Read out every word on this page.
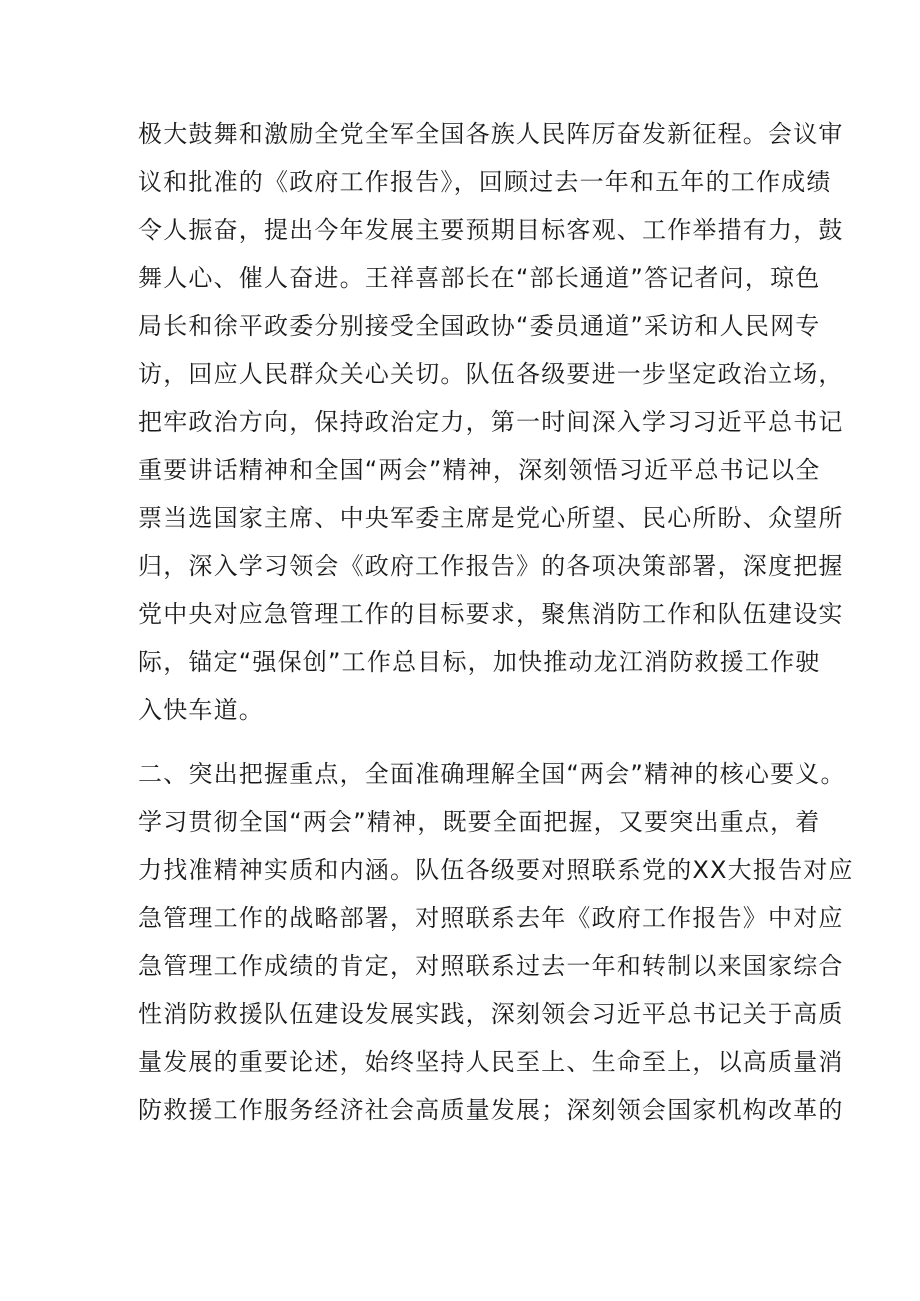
极大鼓舞和激励全党全军全国各族人民阵厉奋发新征程。会议审
议和批准的《政府工作报告》，回顾过去一年和五年的工作成绩
令人振奋，提出今年发展主要预期目标客观、工作举措有力，鼓
舞人心、催人奋进。王祥喜部长在“部长通道”答记者问，琼色
局长和徐平政委分别接受全国政协“委员通道”采访和人民网专
访，回应人民群众关心关切。队伍各级要进一步坚定政治立场，
把牢政治方向，保持政治定力，第一时间深入学习习近平总书记
重要讲话精神和全国“两会”精神，深刻领悟习近平总书记以全
票当选国家主席、中央军委主席是党心所望、民心所盼、众望所
归，深入学习领会《政府工作报告》的各项决策部署，深度把握
党中央对应急管理工作的目标要求，聚焦消防工作和队伍建设实
际，锚定“强保创”工作总目标，加快推动龙江消防救援工作驶
入快车道。
二、突出把握重点，全面准确理解全国“两会”精神的核心要义。
学习贯彻全国“两会”精神，既要全面把握，又要突出重点，着
力找准精神实质和内涵。队伍各级要对照联系党的XX大报告对应
急管理工作的战略部署，对照联系去年《政府工作报告》中对应
急管理工作成绩的肯定，对照联系过去一年和转制以来国家综合
性消防救援队伍建设发展实践，深刻领会习近平总书记关于高质
量发展的重要论述，始终坚持人民至上、生命至上，以高质量消
防救援工作服务经济社会高质量发展；深刻领会国家机构改革的
